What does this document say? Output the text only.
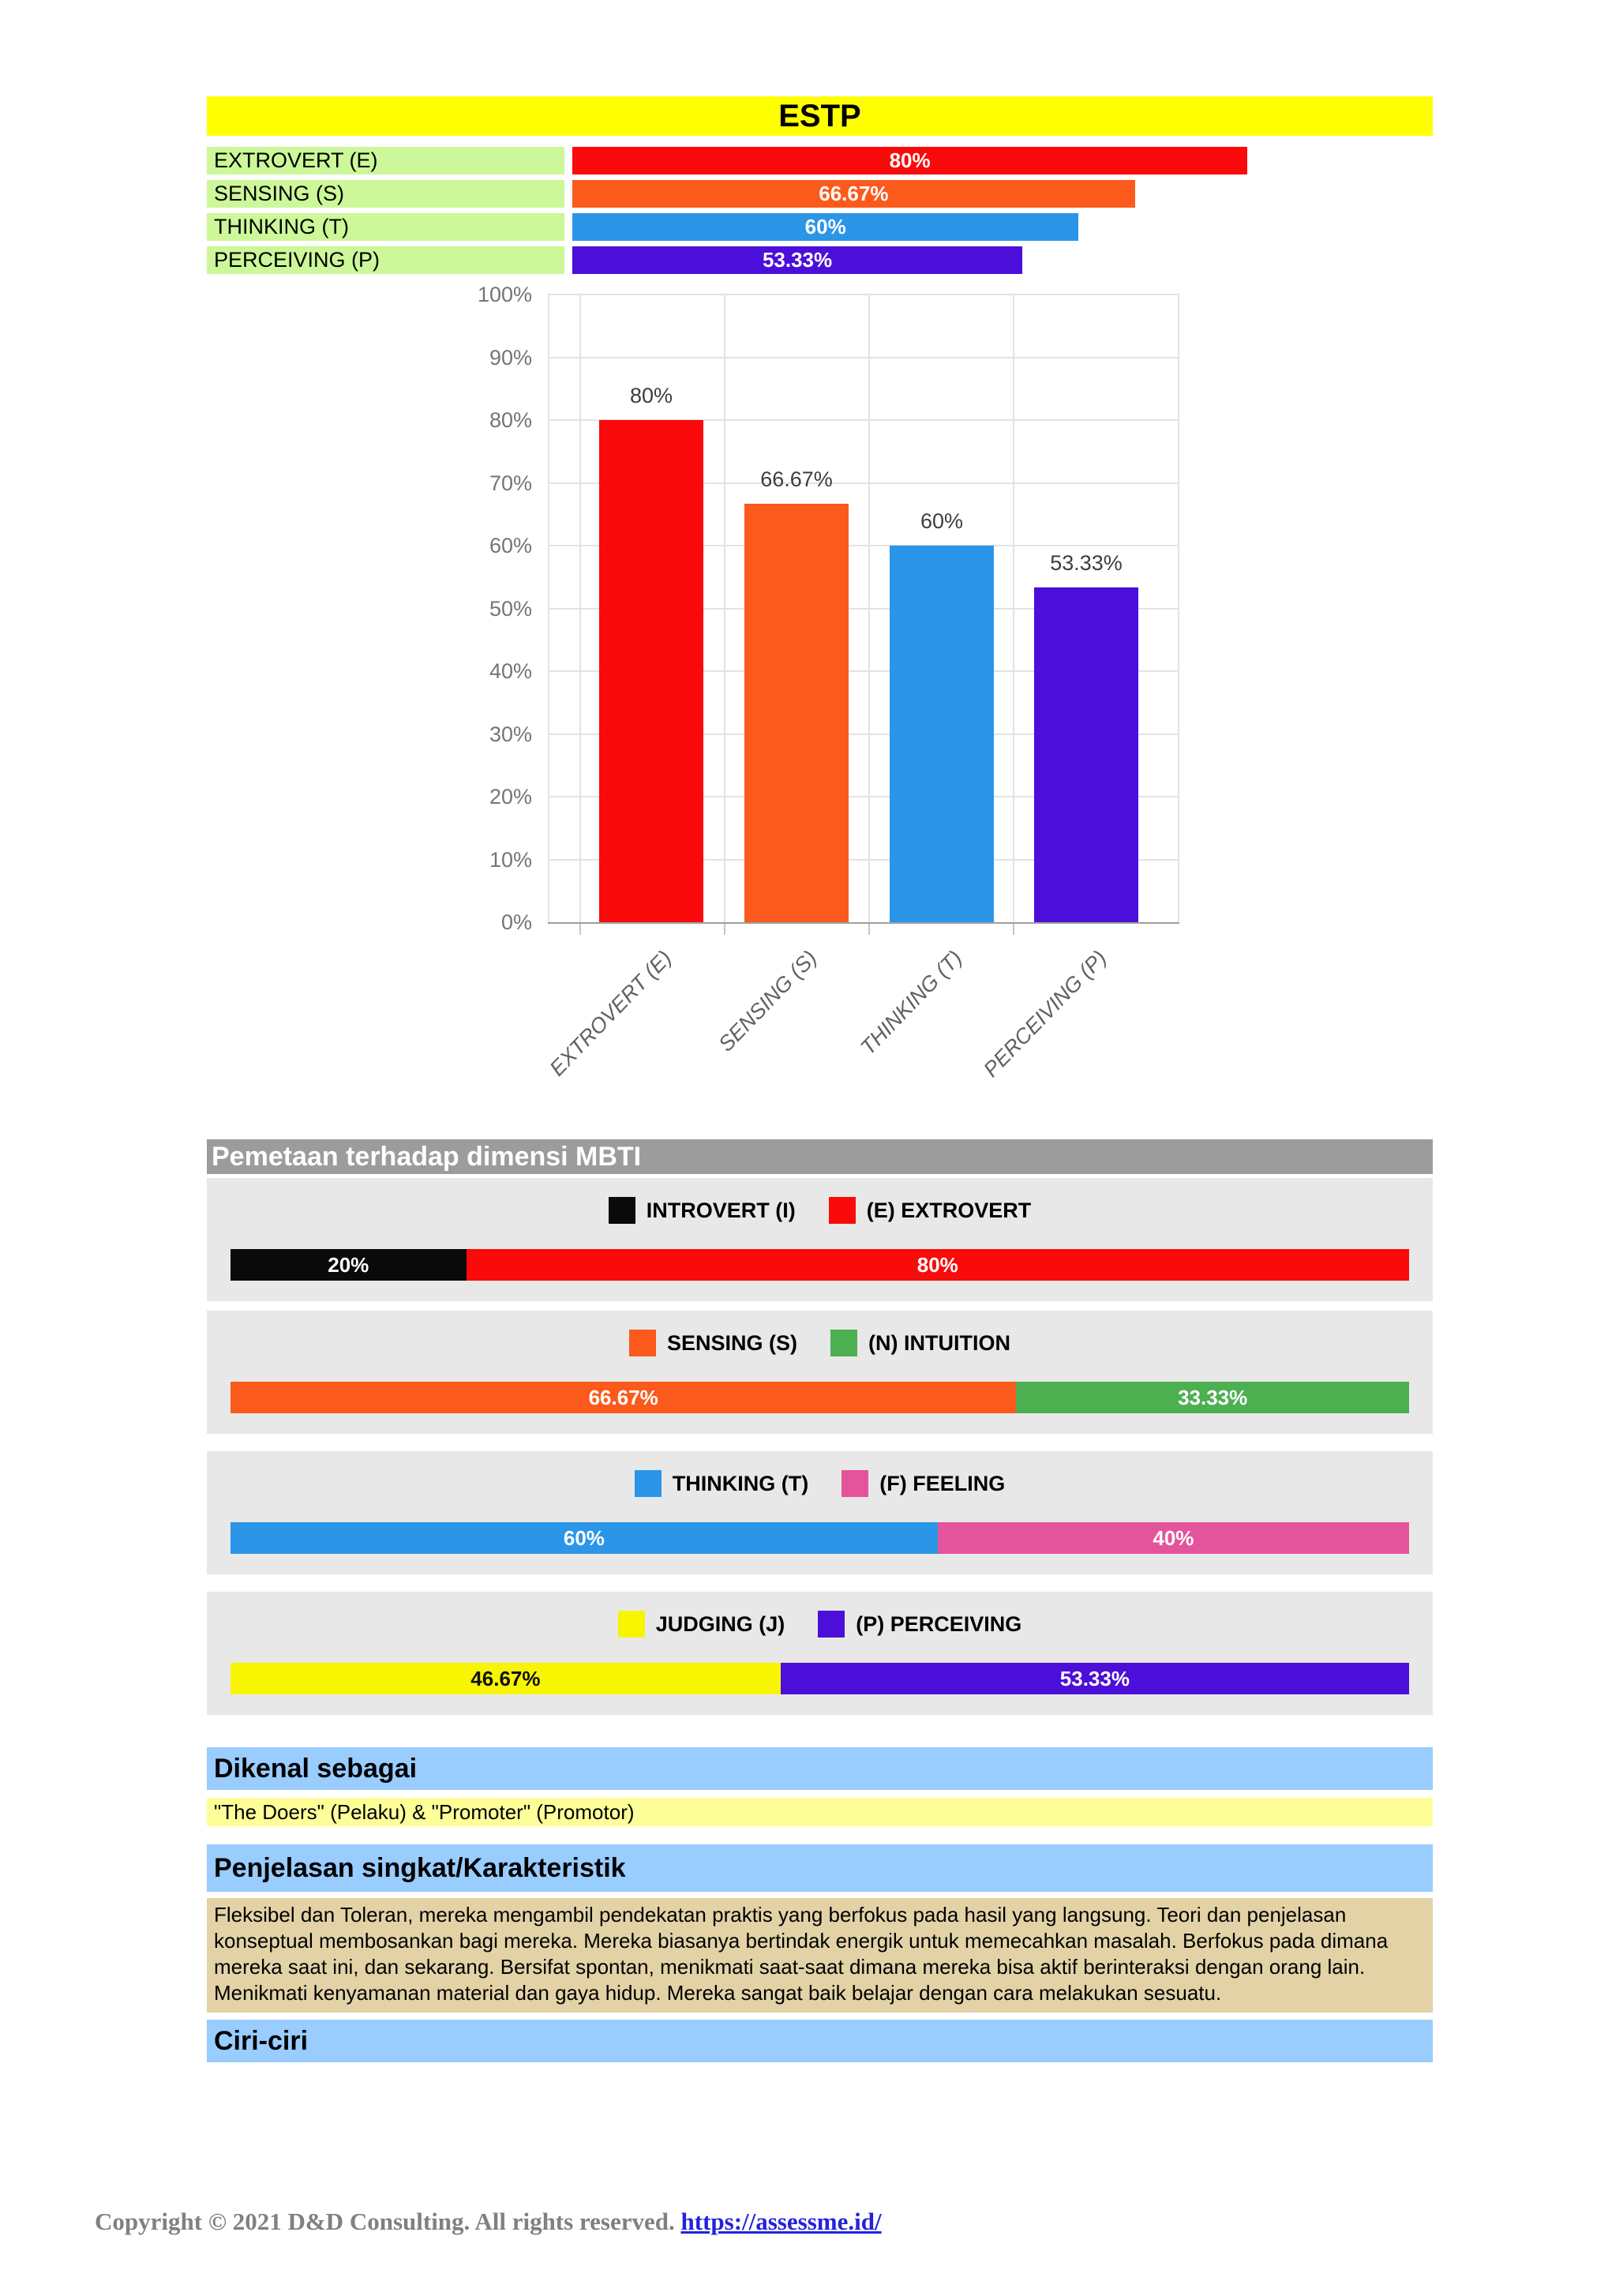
ESTP
EXTROVERT (E)	80%
SENSING (S)	66.67%
THINKING (T)	60%
PERCEIVING (P)	53.33%
0%
10%
20%
30%
40%
50%
60%
70%
80%
90%
100%
80%
EXTROVERT (E)
66.67%
SENSING (S)
60%
THINKING (T)
53.33%
PERCEIVING (P)
Pemetaan terhadap dimensi MBTI
INTROVERT (I)	(E) EXTROVERT
20%	80%
SENSING (S)	(N) INTUITION
66.67%	33.33%
THINKING (T)	(F) FEELING
60%	40%
JUDGING (J)	(P) PERCEIVING
46.67%	53.33%
Dikenal sebagai
"The Doers" (Pelaku) & "Promoter" (Promotor)
Penjelasan singkat/Karakteristik
Fleksibel dan Toleran, mereka mengambil pendekatan praktis yang berfokus pada hasil yang langsung. Teori dan penjelasan konseptual membosankan bagi mereka. Mereka biasanya bertindak energik untuk memecahkan masalah. Berfokus pada dimana mereka saat ini, dan sekarang. Bersifat spontan, menikmati saat-saat dimana mereka bisa aktif berinteraksi dengan orang lain. Menikmati kenyamanan material dan gaya hidup. Mereka sangat baik belajar dengan cara melakukan sesuatu.
Ciri-ciri
Copyright © 2021 D&D Consulting. All rights reserved. https://assessme.id/
